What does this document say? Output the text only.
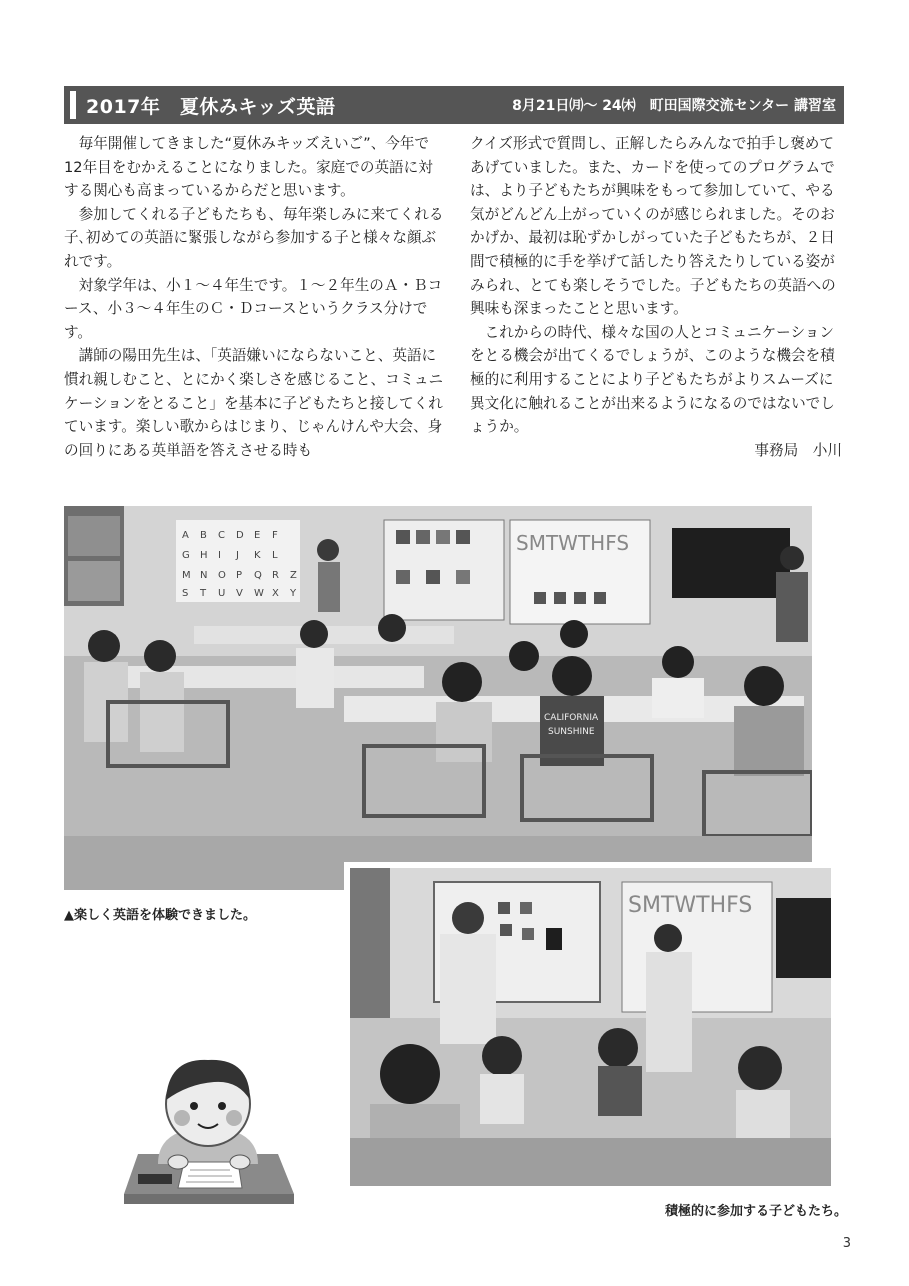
2017年　夏休みキッズ英語	8月21日㈪～ 24㈭　町田国際交流センター 講習室

毎年開催してきました“夏休みキッズえいご”、今年で12年目をむかえることになりました。家庭での英語に対する関心も高まっているからだと思います。

参加してくれる子どもたちも、毎年楽しみに来てくれる子､初めての英語に緊張しながら参加する子と様々な顔ぶれです。

対象学年は、小１～４年生です。１～２年生のＡ・Ｂコース、小３～４年生のＣ・Ｄコースというクラス分けです。

講師の陽田先生は、「英語嫌いにならないこと、英語に慣れ親しむこと、とにかく楽しさを感じること、コミュニケーションをとること」を基本に子どもたちと接してくれています。楽しい歌からはじまり、じゃんけんや大会、身の回りにある英単語を答えさせる時も

クイズ形式で質問し、正解したらみんなで拍手し褒めてあげていました。また、カードを使ってのプログラムでは、より子どもたちが興味をもって参加していて、やる気がどんどん上がっていくのが感じられました。そのおかげか、最初は恥ずかしがっていた子どもたちが、２日間で積極的に手を挙げて話したり答えたりしている姿がみられ、とても楽しそうでした。子どもたちの英語への興味も深まったことと思います。

これからの時代、様々な国の人とコミュニケーションをとる機会が出てくるでしょうが、このような機会を積極的に利用することにより子どもたちがよりスムーズに異文化に触れることが出来るようになるのではないでしょうか。

事務局　小川
A B C D E F
G H I J K L
M N O P Q R
S T U V W X Y
Z
SMTWTHFS
CALIFORNIA
SUNSHINE
▲楽しく英語を体験できました。	SMTWTHFS
積極的に参加する子どもたち。
3
